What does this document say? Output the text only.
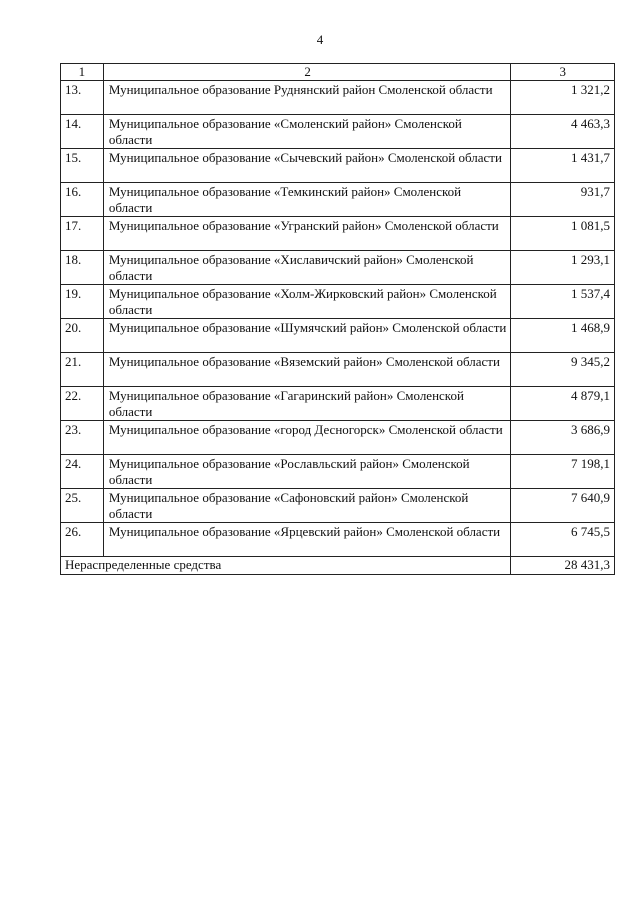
4
1	2	3
13.	Муниципальное образование Руднянский район Смоленской области	1 321,2
14.	Муниципальное образование «Смоленский район» Смоленской области	4 463,3
15.	Муниципальное образование «Сычевский район» Смоленской области	1 431,7
16.	Муниципальное образование «Темкинский район» Смоленской области	931,7
17.	Муниципальное образование «Угранский район» Смоленской области	1 081,5
18.	Муниципальное образование «Хиславичский район» Смоленской области	1 293,1
19.	Муниципальное образование «Холм-Жирковский район» Смоленской области	1 537,4
20.	Муниципальное образование «Шумячский район» Смоленской области	1 468,9
21.	Муниципальное образование «Вяземский район» Смоленской области	9 345,2
22.	Муниципальное образование «Гагаринский район» Смоленской области	4 879,1
23.	Муниципальное образование «город Десногорск» Смоленской области	3 686,9
24.	Муниципальное образование «Рославльский район» Смоленской области	7 198,1
25.	Муниципальное образование «Сафоновский район» Смоленской области	7 640,9
26.	Муниципальное образование «Ярцевский район» Смоленской области	6 745,5
Нераспределенные средства		28 431,3
